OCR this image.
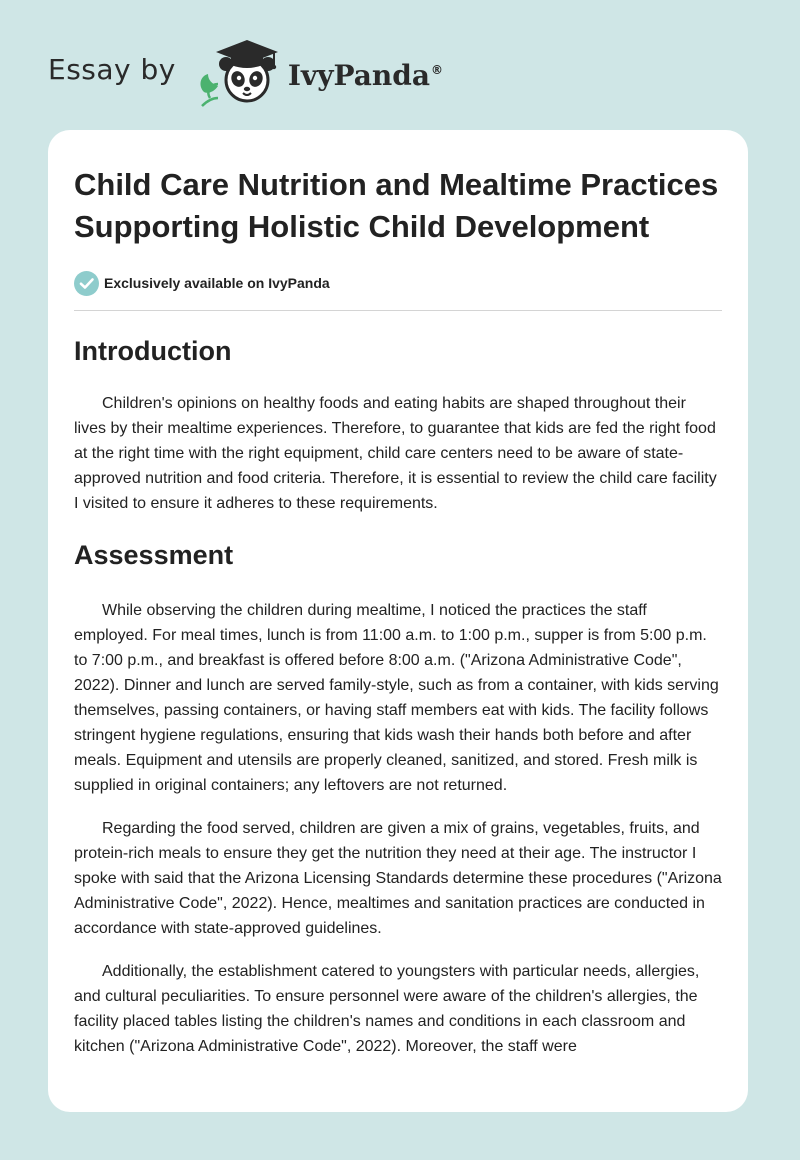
Essay by	IvyPanda®
Child Care Nutrition and Mealtime Practices Supporting Holistic Child Development
Exclusively available on IvyPanda
Introduction

Children's opinions on healthy foods and eating habits are shaped throughout their lives by their mealtime experiences. Therefore, to guarantee that kids are fed the right food at the right time with the right equipment, child care centers need to be aware of state-approved nutrition and food criteria. Therefore, it is essential to review the child care facility I visited to ensure it adheres to these requirements.

Assessment

While observing the children during mealtime, I noticed the practices the staff employed. For meal times, lunch is from 11:00 a.m. to 1:00 p.m., supper is from 5:00 p.m. to 7:00 p.m., and breakfast is offered before 8:00 a.m. ("Arizona Administrative Code", 2022). Dinner and lunch are served family-style, such as from a container, with kids serving themselves, passing containers, or having staff members eat with kids. The facility follows stringent hygiene regulations, ensuring that kids wash their hands both before and after meals. Equipment and utensils are properly cleaned, sanitized, and stored. Fresh milk is supplied in original containers; any leftovers are not returned.

Regarding the food served, children are given a mix of grains, vegetables, fruits, and protein-rich meals to ensure they get the nutrition they need at their age. The instructor I spoke with said that the Arizona Licensing Standards determine these procedures ("Arizona Administrative Code", 2022). Hence, mealtimes and sanitation practices are conducted in accordance with state-approved guidelines.

Additionally, the establishment catered to youngsters with particular needs, allergies, and cultural peculiarities. To ensure personnel were aware of the children's allergies, the facility placed tables listing the children's names and conditions in each classroom and kitchen ("Arizona Administrative Code", 2022). Moreover, the staff were
